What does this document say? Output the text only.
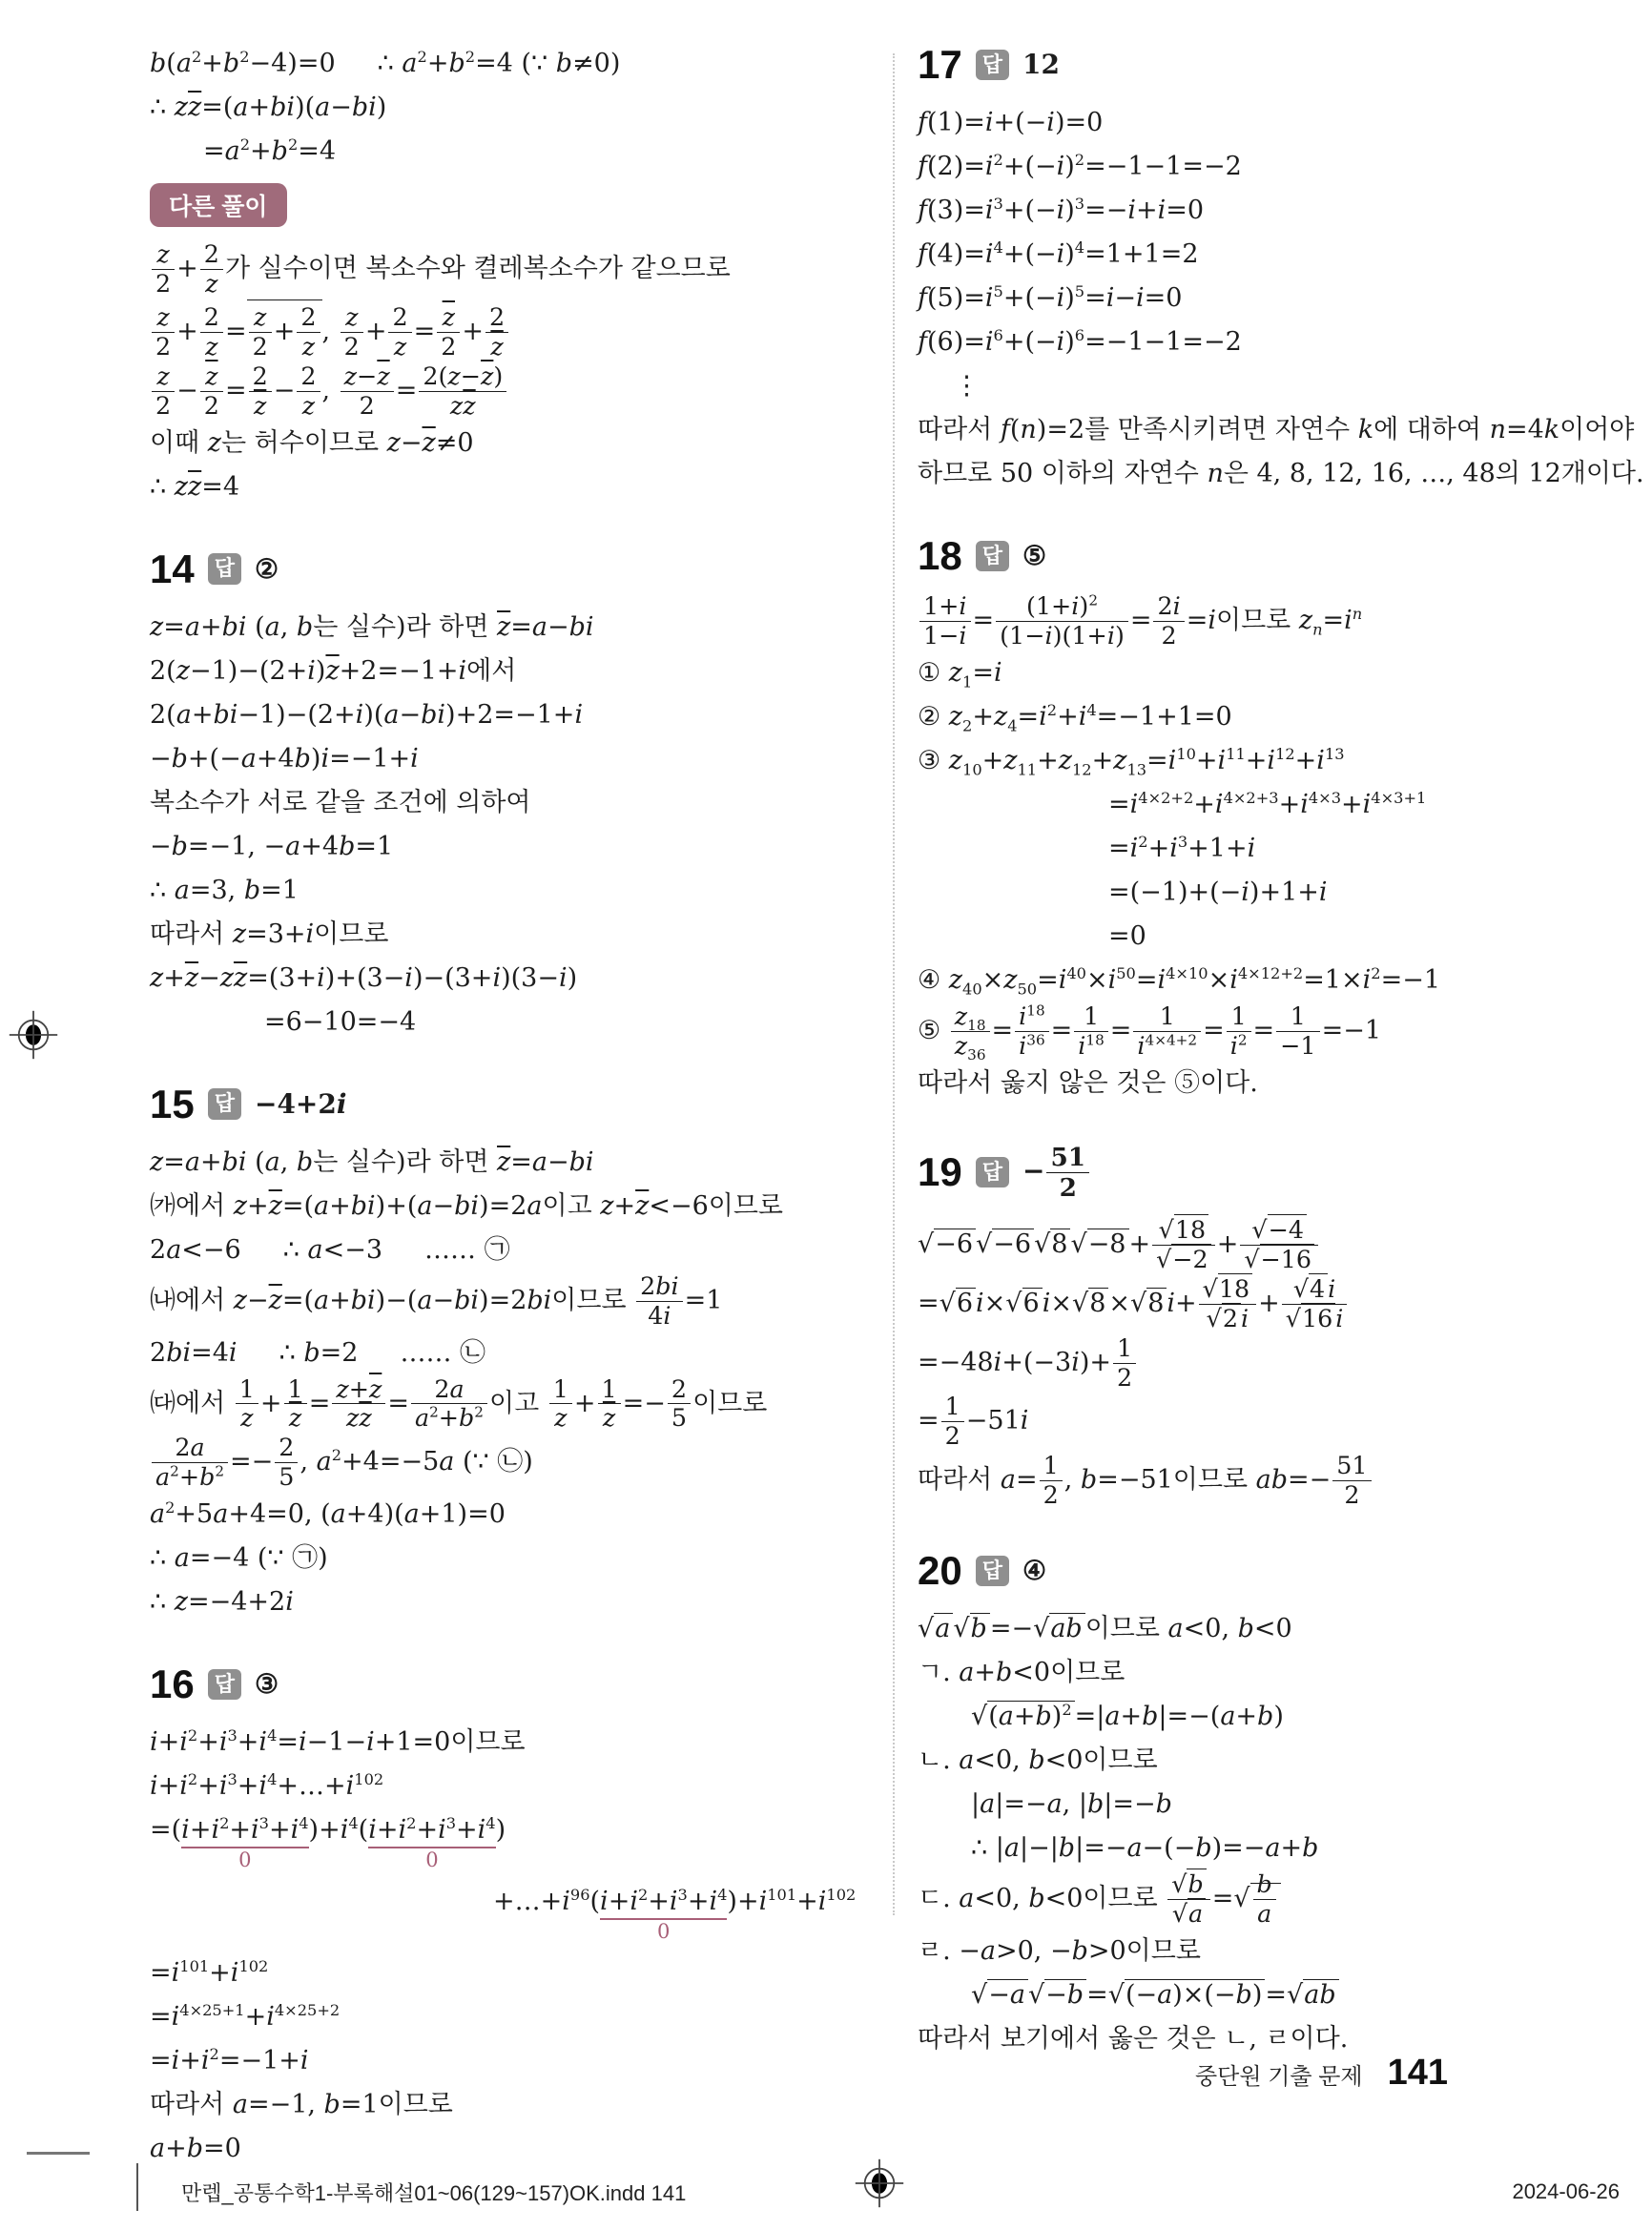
$b(a^2+b^2-4)=0$ ∴ $a^2+b^2=4$ (∵ b≠0)
∴ $z\overline{z}=(a+bi)(a-bi)$
$=a^2+b^2=4$
다른 풀이
$\frac{z}{2} + \frac{2}{z}$ 가 실수이면 복소수와 켤레복소수가 같으므로
$\frac{z}{2} + \frac{2}{z} = \frac{z}{2} + \frac{2}{z}$ , $\frac{z}{2} + \frac{2}{z} = \frac{\overline{z}}{2} + \frac{2}{z}$
$\frac{z}{2} - \frac{\overline{z}}{2} = \frac{2}{z} - \frac{2}{z}$ , $\frac{z-\overline{z}}{2} = \frac{2(z-\overline{z})}{z\overline{z}}$
이때 z는 허수이므로 $z-\overline{z}\ne 0$
∴ $z\overline{z}=4$
14 답 ②
z=a+bi (a, b는 실수)라 하면 $\overline{z}=a-bi$
$2(z-1)-(2+i)\overline{z}+2=-1+i$에서
2(a+bi−1)−(2+i)(a−bi)+2=−1+i
−b+(−a+4b)i=−1+i
복소수가 서로 같을 조건에 의하여
−b=−1, −a+4b=1
∴ a=3, b=1
따라서 z=3+i이므로
$z+\overline{z}-z\overline{z}=(3+i)+(3-i)-(3+i)(3-i)$
=6−10=−4
15 답 −4+2i
z=a+bi (a, b는 실수)라 하면 $\overline{z}=a-bi$
㈎에서 $z+\overline{z}=(a+bi)+(a-bi)=2a$이고 $z+\overline{z}<-6$이므로
2a<−6 ∴ a<−3 …… ㉠
㈏에서 $z-\overline{z}=(a+bi)-(a-bi)=2bi$이므로 $\frac{2bi}{4i} =1$
2bi=4i ∴ b=2 …… ㉡
㈐에서 $\frac{1}{z} + \frac{1}{z} = \frac{z+\overline{z}}{z\overline{z}} = \frac{2a}{a^2+b^2}$ 이고 $\frac{1}{z} + \frac{1}{z} =- \frac{2}{5}$ 이므로
$\frac{2a}{a^2+b^2} =- \frac{2}{5}$ , $a^2+4=-5a$ (∵ ㉡)
$a^2+5a+4=0$, (a+4)(a+1)=0
∴ a=−4 (∵ ㉠)
∴ z=−4+2i
16 답 ③
$i+i^2+i^3+i^4=i-1-i+1=0$이므로
$i+i^2+i^3+i^4+\dots+i^{102}$
$=(i+i^2+i^3+i^4$
0
)$+i^4(i+i^2+i^3+i^4$
0
)
$+\dots+i^{96}(i+i^2+i^3+i^4$
0
)$+i^{101}+i^{102}$
$=i^{101}+i^{102}$
$=i^{4\times 25+1}+i^{4\times 25+2}$
$=i+i^2=-1+i$
따라서 a=−1, b=1이므로
a+b=0
17 답 12
f(1)=i+(−i)=0
$f(2)=i^2+(-i)^2=-1-1=-2$
$f(3)=i^3+(-i)^3=-i+i=0$
$f(4)=i^4+(-i)^4=1+1=2$
$f(5)=i^5+(-i)^5=i-i=0$
$f(6)=i^6+(-i)^6=-1-1=-2$
⋮
따라서 f(n)=2를 만족시키려면 자연수 k에 대하여 n=4k이어야
하므로 50 이하의 자연수 n은 4, 8, 12, 16, …, 48의 12개이다.
18 답 ⑤
$\frac{1+i}{1-i} = \frac{(1+i)^2}{(1-i)(1+i)} = \frac{2i}{2} =i$이므로 $z_n=i^n$
① $z_1=i$
② $z_2+z_4=i^2+i^4=-1+1=0$
③ $z_{10}+z_{11}+z_{12}+z_{13}=i^{10}+i^{11}+i^{12}+i^{13}$
$=i^{4\times 2+2}+i^{4\times 2+3}+i^{4\times 3}+i^{4\times 3+1}$
$=i^2+i^3+1+i$
=(−1)+(−i)+1+i
=0
④ $z_{40}\times z_{50}=i^{40}\times i^{50}=i^{4\times 10}\times i^{4\times 12+2}=1\times i^2=-1$
⑤ $\frac{z_{18}}{z_{36}} = \frac{i^{18}}{i^{36}} = \frac{1}{i^{18}} = \frac{1}{i^{4\times 4+2}} = \frac{1}{i^2} = \frac{1}{-1} =-1$
따라서 옳지 않은 것은 ⑤이다.
19 답 − $\frac{51}{2}$
√−6 √−6 √8 $√-8 + \frac{√18}{√-2} + \frac{√-4}{√-16}$
=√6 i×√6 i×√8 ×√8 $i+ \frac{√18}{√2 i} + \frac{√4 i}{√16 i}$
$=-48i+(-3i)+ \frac{1}{2}$
= $\frac{1}{2} -51i$
따라서 $a= \frac{1}{2}$ , b=−51이므로 $ab=- \frac{51}{2}$
20 답 ④
√a √b =−√ab 이므로 a<0, b<0
ㄱ. a+b<0이므로
$√(a+b)^2 =|a+b|=-(a+b)$
ㄴ. a<0, b<0이므로
|a|=−a, |b|=−b
∴ |a|−|b|=−a−(−b)=−a+b
ㄷ. a<0, b<0이므로 $\frac{√b}{√a}$ =√ $\frac{b}{a}$
ㄹ. −a>0, −b>0이므로
√−a √−b =√(−a)×(−b) =√ab
따라서 보기에서 옳은 것은 ㄴ, ㄹ이다.
중단원 기출 문제 141
만렙_공통수학1-부록해설01~06(129~157)OK.indd 141	2024-06-26
